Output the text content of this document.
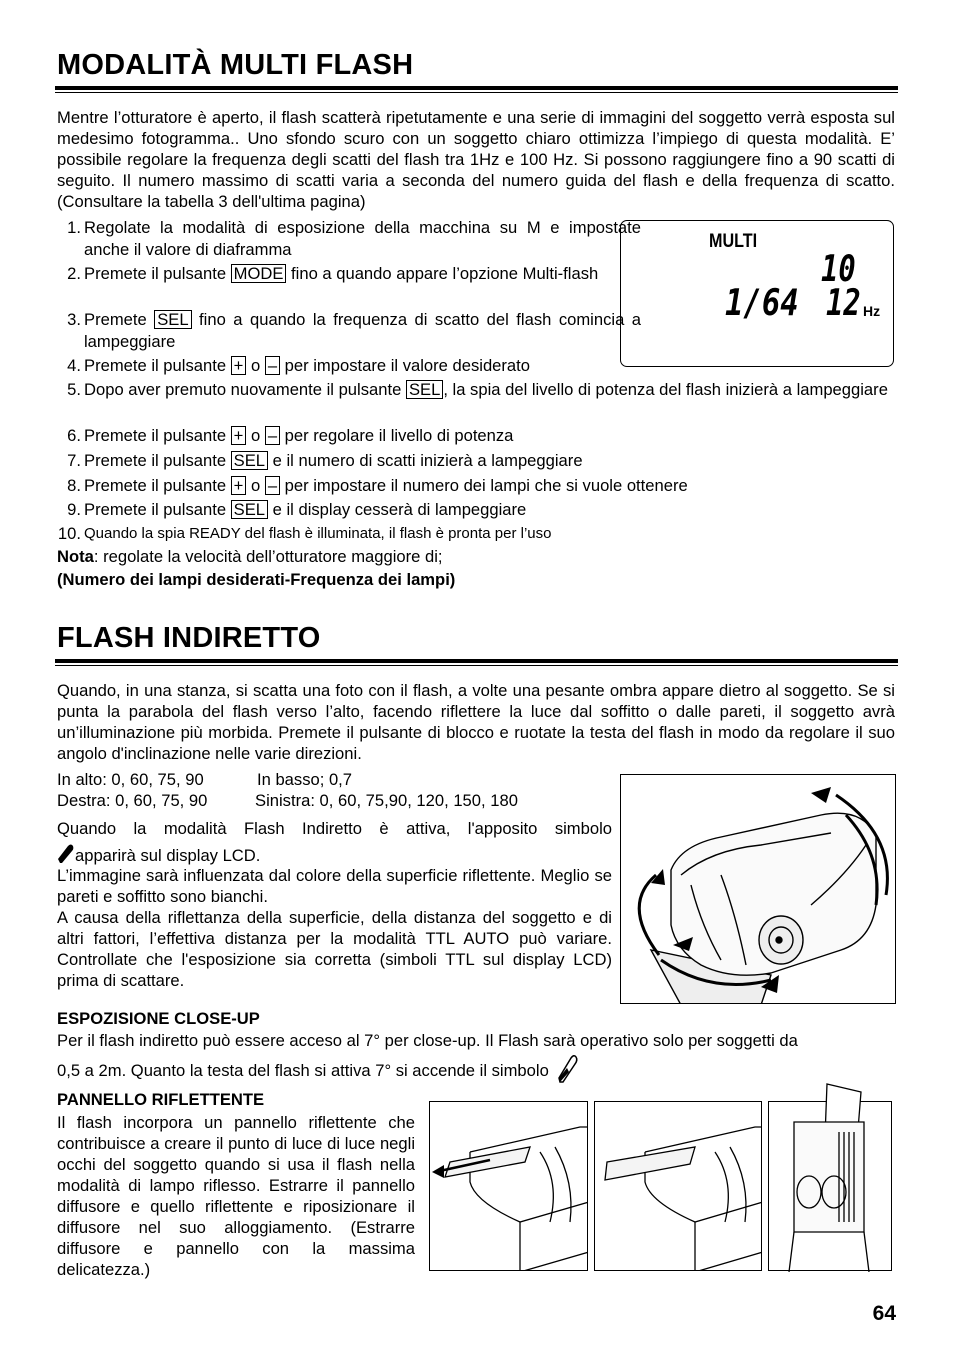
MODALITÀ MULTI FLASH
Mentre l’otturatore è aperto, il flash scatterà ripetutamente e una serie di immagini del soggetto verrà esposta sul medesimo fotogramma.. Uno sfondo scuro con un soggetto chiaro ottimizza l’impiego di questa modalità. E’ possibile regolare la frequenza degli scatti del flash tra 1Hz e 100 Hz. Si possono raggiungere fino a 90 scatti di seguito. Il numero massimo di scatti varia a seconda del numero guida del flash e della frequenza di scatto. (Consultare la tabella 3 dell'ultima pagina)
1. Regolate la modalità di esposizione della macchina su M e impostate anche il valore di diaframma
2. Premete il pulsante MODE fino a quando appare l’opzione Multi-flash
3. Premete SEL fino a quando la frequenza di scatto del flash comincia a lampeggiare
4. Premete il pulsante + o – per impostare il valore desiderato
5. Dopo aver premuto nuovamente il pulsante SEL , la spia del livello di potenza del flash inizierà a lampeggiare
6. Premete il pulsante + o – per regolare il livello di potenza
7. Premete il pulsante SEL e il numero di scatti inizierà a lampeggiare
8. Premete il pulsante + o – per impostare il numero dei lampi che si vuole ottenere
9. Premete il pulsante SEL e il display cesserà di lampeggiare
10. Quando la spia READY del flash è illuminata, il flash è pronta per l’uso
Nota: regolate la velocità dell’otturatore maggiore di;
(Numero dei lampi desiderati-Frequenza dei lampi)
MULTI
10
1/64 12 Hz
FLASH INDIRETTO
Quando, in una stanza, si scatta una foto con il flash, a volte una pesante ombra appare dietro al soggetto. Se si punta la parabola del flash verso l’alto, facendo riflettere la luce dal soffitto o dalle pareti, il soggetto avrà un’illuminazione più morbida. Premete il pulsante di blocco e ruotate la testa del flash in modo da regolare il suo angolo d'inclinazione nelle varie direzioni.
In alto: 0, 60, 75, 90	In basso; 0,7
Destra: 0, 60, 75, 90	Sinistra: 0, 60, 75,90, 120, 150, 180
Quando la modalità Flash Indiretto è attiva, l'apposito simbolo
apparirà sul display LCD.
L’immagine sarà influenzata dal colore della superficie riflettente. Meglio se pareti e soffitto sono bianchi.
A causa della riflettanza della superficie, della distanza del soggetto e di altri fattori, l’effettiva distanza per la modalità TTL AUTO può variare. Controllate che l'esposizione sia corretta (simboli TTL sul display LCD) prima di scattare.
ESPOZISIONE CLOSE-UP
Per il flash indiretto può essere acceso al 7° per close-up. Il Flash sarà operativo solo per soggetti da
0,5 a 2m. Quanto la testa del flash si attiva 7° si accende il simbolo
PANNELLO RIFLETTENTE
Il flash incorpora un pannello riflettente che contribuisce a creare il punto di luce di luce negli occhi del soggetto quando si usa il flash nella modalità di lampo riflesso. Estrarre il pannello diffusore e quello riflettente e riposizionare il diffusore nel suo alloggiamento. (Estrarre diffusore e pannello con la massima delicatezza.)
64
